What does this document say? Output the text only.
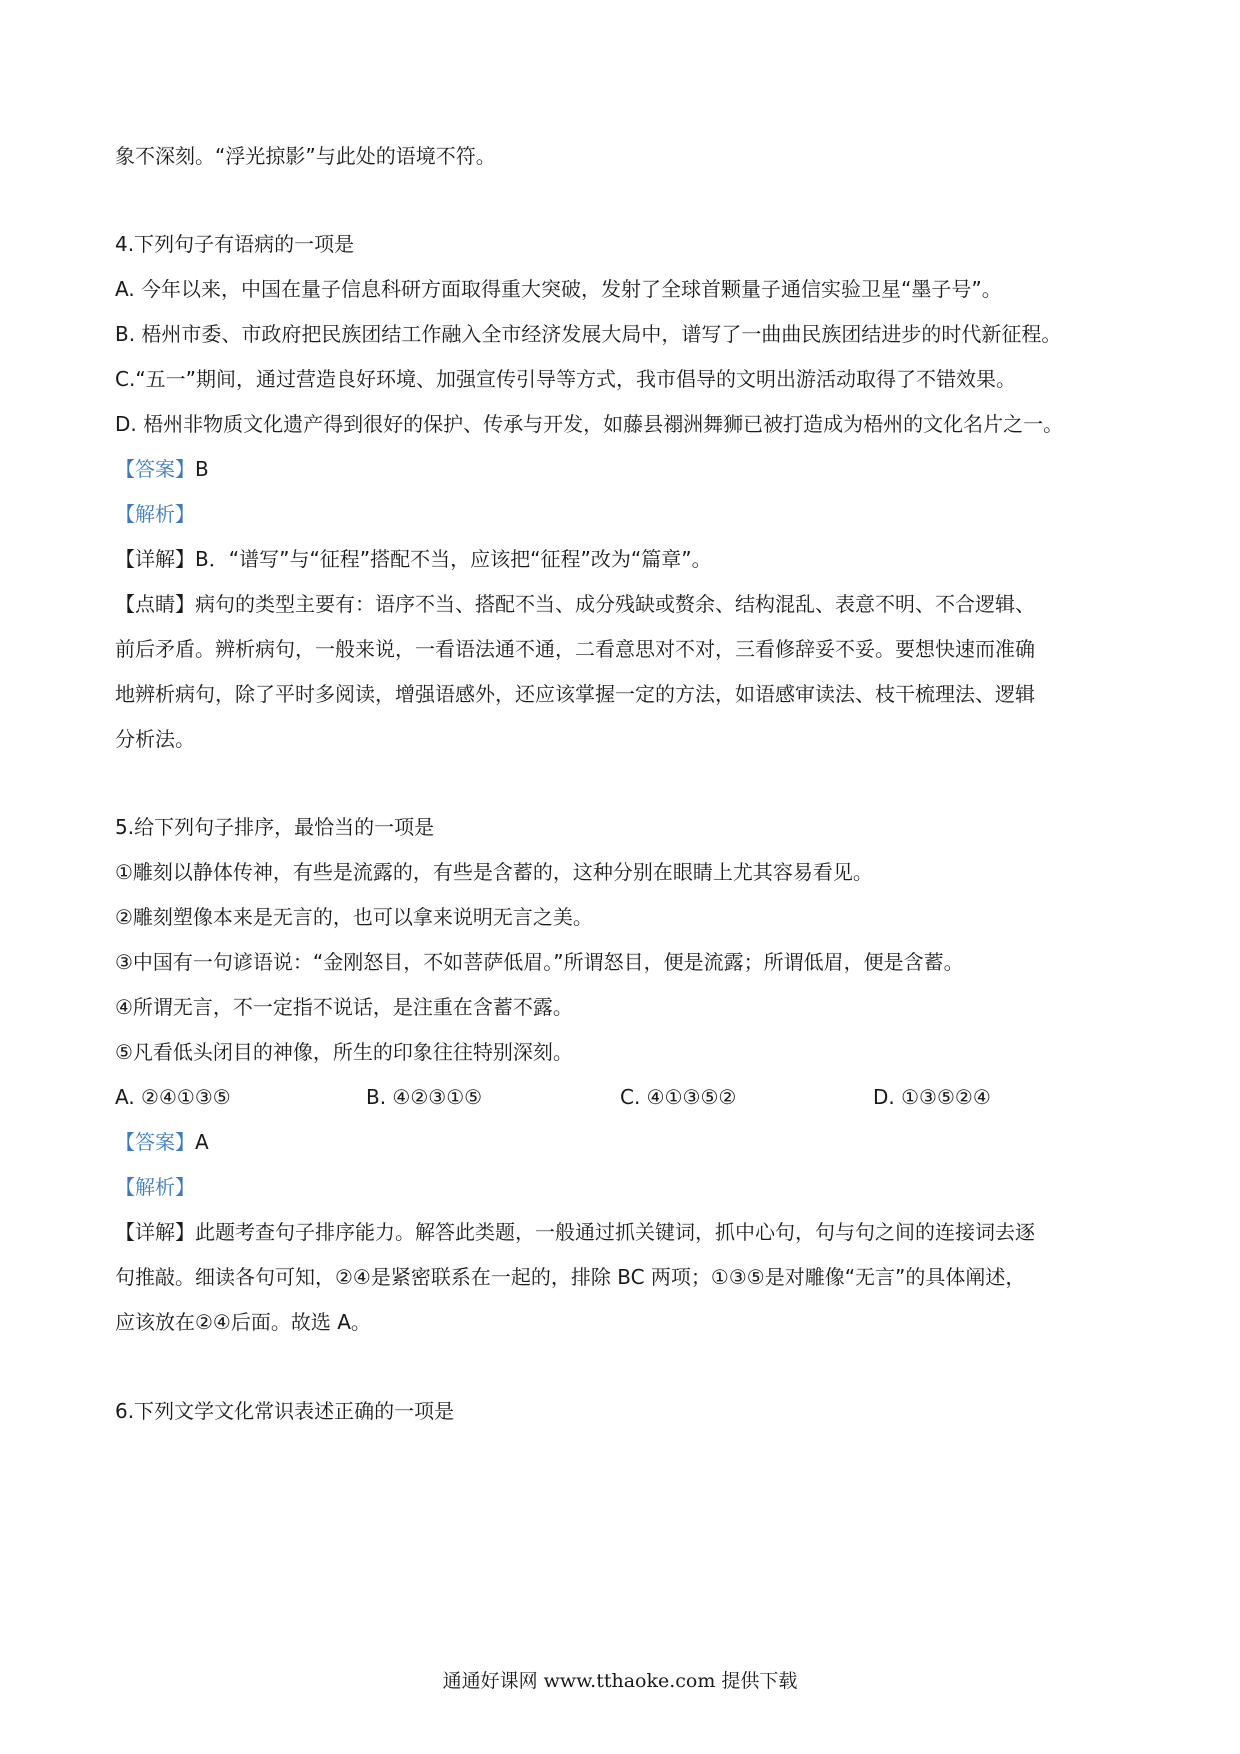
象不深刻。“浮光掠影”与此处的语境不符。
4.下列句子有语病的一项是
A. 今年以来，中国在量子信息科研方面取得重大突破，发射了全球首颗量子通信实验卫星“墨子号”。
B. 梧州市委、市政府把民族团结工作融入全市经济发展大局中，谱写了一曲曲民族团结进步的时代新征程。
C.“五一”期间，通过营造良好环境、加强宣传引导等方式，我市倡导的文明出游活动取得了不错效果。
D. 梧州非物质文化遗产得到很好的保护、传承与开发，如藤县禤洲舞狮已被打造成为梧州的文化名片之一。
【答案】B
【解析】
【详解】B．“谱写”与“征程”搭配不当，应该把“征程”改为“篇章”。
【点睛】病句的类型主要有：语序不当、搭配不当、成分残缺或赘余、结构混乱、表意不明、不合逻辑、
前后矛盾。辨析病句，一般来说，一看语法通不通，二看意思对不对，三看修辞妥不妥。要想快速而准确
地辨析病句，除了平时多阅读，增强语感外，还应该掌握一定的方法，如语感审读法、枝干梳理法、逻辑
分析法。
5.给下列句子排序，最恰当的一项是
①雕刻以静体传神，有些是流露的，有些是含蓄的，这种分别在眼睛上尤其容易看见。
②雕刻塑像本来是无言的，也可以拿来说明无言之美。
③中国有一句谚语说：“金刚怒目，不如菩萨低眉。”所谓怒目，便是流露；所谓低眉，便是含蓄。
④所谓无言，不一定指不说话，是注重在含蓄不露。
⑤凡看低头闭目的神像，所生的印象往往特别深刻。
A. ②④①③⑤	B. ④②③①⑤	C. ④①③⑤②	D. ①③⑤②④
【答案】A
【解析】
【详解】此题考查句子排序能力。解答此类题，一般通过抓关键词，抓中心句，句与句之间的连接词去逐
句推敲。细读各句可知，②④是紧密联系在一起的，排除 BC 两项；①③⑤是对雕像“无言”的具体阐述，
应该放在②④后面。故选 A。
6.下列文学文化常识表述正确的一项是
通通好课网 www.tthaoke.com 提供下载
